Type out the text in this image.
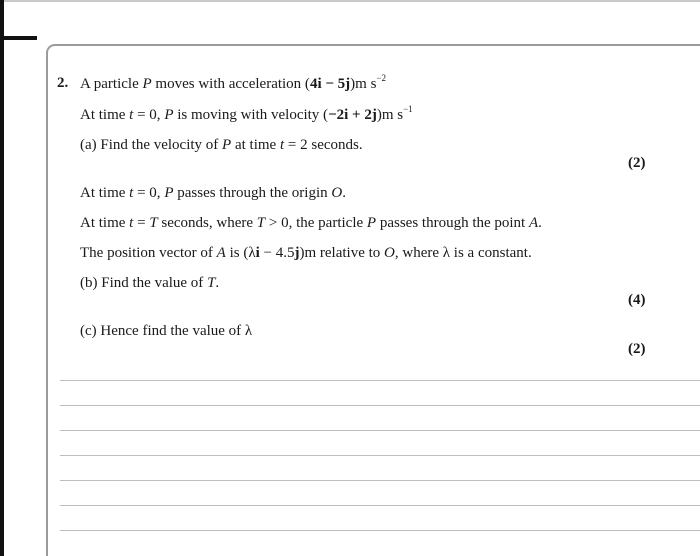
2. A particle P moves with acceleration (4i − 5j)m $s^{-2}$
At time t = 0, P is moving with velocity (−2i + 2j)m $s^{-1}$
(a) Find the velocity of P at time t = 2 seconds.
(2)
At time t = 0, P passes through the origin O.
At time t = T seconds, where T > 0, the particle P passes through the point A.
The position vector of A is (λi − 4.5j)m relative to O, where λ is a constant.
(b) Find the value of T.
(4)
(c) Hence find the value of λ
(2)
